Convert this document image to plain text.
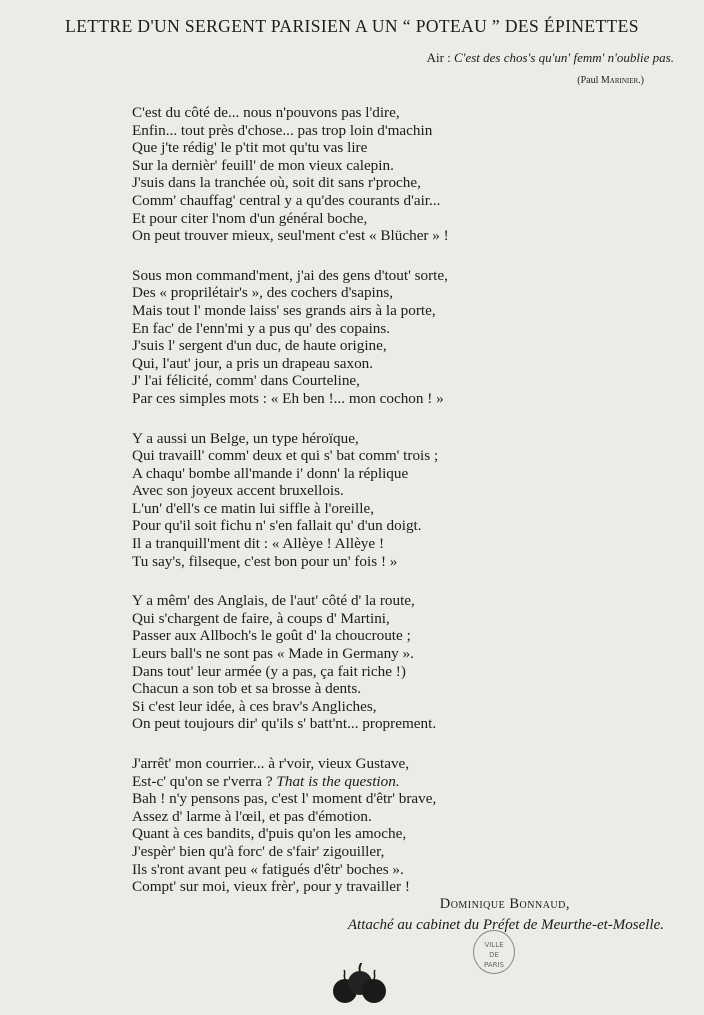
LETTRE D'UN SERGENT PARISIEN A UN “ POTEAU ” DES ÉPINETTES
Air : C'est des chos's qu'un' femm' n'oublie pas.
(Paul Marinier.)
C'est du côté de... nous n'pouvons pas l'dire,
Enfin... tout près d'chose... pas trop loin d'machin
Que j'te rédig' le p'tit mot qu'tu vas lire
Sur la dernièr' feuill' de mon vieux calepin.
J'suis dans la tranchée où, soit dit sans r'proche,
Comm' chauffag' central y a qu'des courants d'air...
Et pour citer l'nom d'un général boche,
On peut trouver mieux, seul'ment c'est « Blücher » !
Sous mon command'ment, j'ai des gens d'tout' sorte,
Des « proprilétair's », des cochers d'sapins,
Mais tout l' monde laiss' ses grands airs à la porte,
En fac' de l'enn'mi y a pus qu' des copains.
J'suis l' sergent d'un duc, de haute origine,
Qui, l'aut' jour, a pris un drapeau saxon.
J' l'ai félicité, comm' dans Courteline,
Par ces simples mots : « Eh ben !... mon cochon ! »
Y a aussi un Belge, un type héroïque,
Qui travaill' comm' deux et qui s' bat comm' trois ;
A chaqu' bombe all'mande i' donn' la réplique
Avec son joyeux accent bruxellois.
L'un' d'ell's ce matin lui siffle à l'oreille,
Pour qu'il soit fichu n' s'en fallait qu' d'un doigt.
Il a tranquill'ment dit : « Allèye ! Allèye !
Tu say's, filseque, c'est bon pour un' fois ! »
Y a mêm' des Anglais, de l'aut' côté d' la route,
Qui s'chargent de faire, à coups d' Martini,
Passer aux Allboch's le goût d' la choucroute ;
Leurs ball's ne sont pas « Made in Germany ».
Dans tout' leur armée (y a pas, ça fait riche !)
Chacun a son tob et sa brosse à dents.
Si c'est leur idée, à ces brav's Angliches,
On peut toujours dir' qu'ils s' batt'nt... proprement.
J'arrêt' mon courrier... à r'voir, vieux Gustave,
Est-c' qu'on se r'verra ? That is the question.
Bah ! n'y pensons pas, c'est l' moment d'êtr' brave,
Assez d' larme à l'œil, et pas d'émotion.
Quant à ces bandits, d'puis qu'on les amoche,
J'espèr' bien qu'à forc' de s'fair' zigouiller,
Ils s'ront avant peu « fatigués d'êtr' boches ».
Compt' sur moi, vieux frèr', pour y travailler !
Dominique Bonnaud,
Attaché au cabinet du Préfet de Meurthe-et-Moselle.
VILLE
DE
PARIS
